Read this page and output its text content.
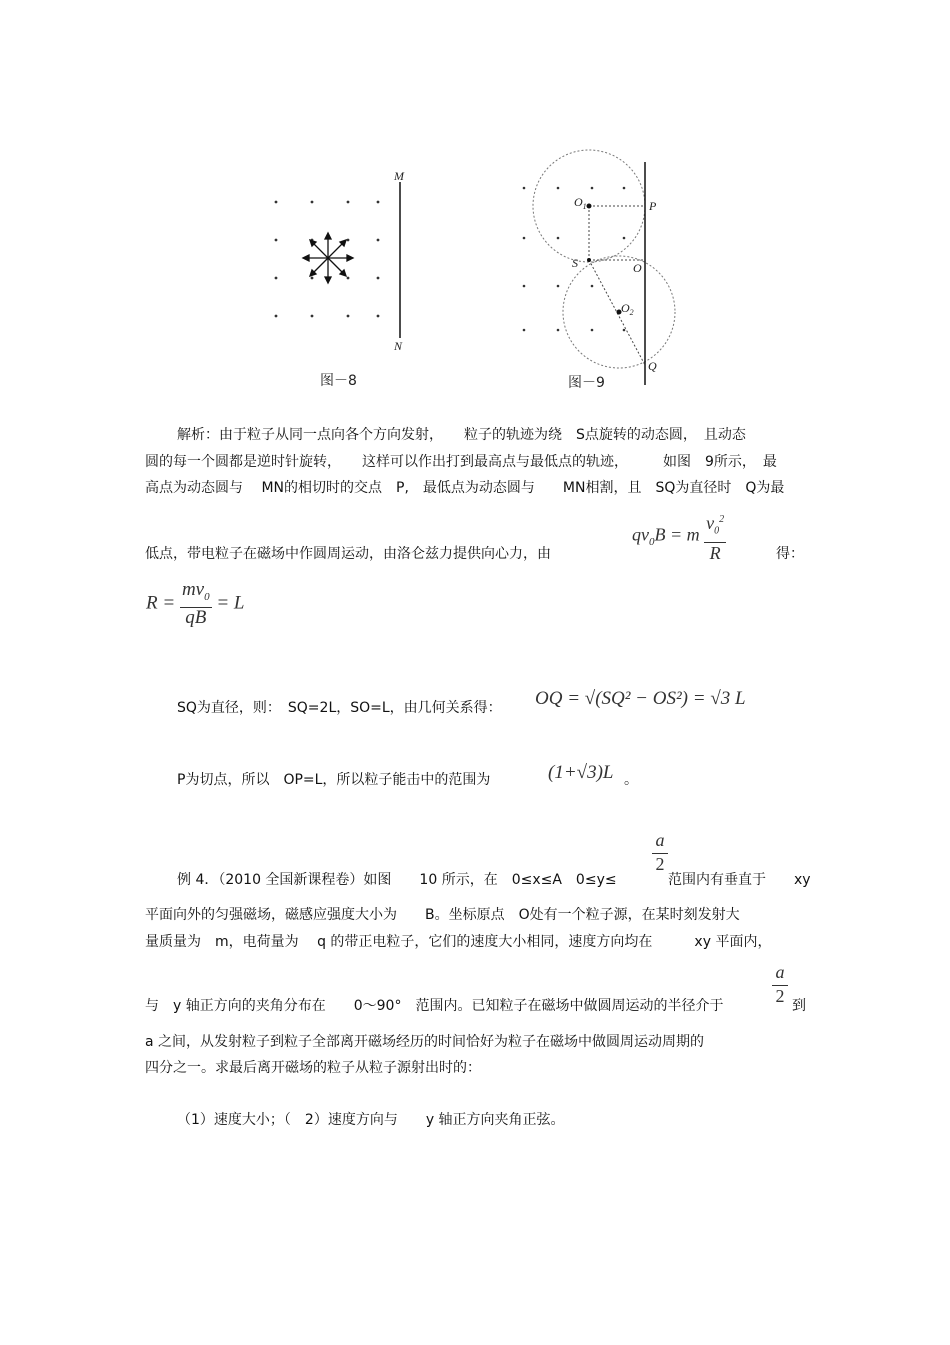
M
N
图－8
$O_1$	P
S	O
$O_2$
Q
图－9
解析：由于粒子从同一点向各个方向发射，　　粒子的轨迹为绕　S点旋转的动态圆，　且动态
圆的每一个圆都是逆时针旋转，　　这样可以作出打到最高点与最低点的轨迹，　　　如图　9所示，　最
高点为动态圆与　 MN的相切时的交点　P,　最低点为动态圆与　　MN相割，且　SQ为直径时　Q为最
低点，带电粒子在磁场中作圆周运动，由洛仑兹力提供向心力，由
$qv_0B = m \frac{v_0^2}{R}$	得：
$R = \frac{mv_0}{qB} = L$
SQ为直径，则：　SQ=2L，SO=L，由几何关系得： OQ = √(SQ² − OS²) = √3 L
P为切点，所以　OP=L，所以粒子能击中的范围为	(1+√3)L 。
a
2
例 4．（2010 全国新课程卷）如图　　10 所示，在　0≤x≤A　0≤y≤	范围内有垂直于　　xy
平面向外的匀强磁场，磁感应强度大小为　　B。坐标原点　O处有一个粒子源，在某时刻发射大
量质量为　m，电荷量为　 q 的带正电粒子，它们的速度大小相同，速度方向均在　　　xy 平面内，
a
2
与　y 轴正方向的夹角分布在　　0～90°　范围内。已知粒子在磁场中做圆周运动的半径介于	到
a 之间，从发射粒子到粒子全部离开磁场经历的时间恰好为粒子在磁场中做圆周运动周期的
四分之一。求最后离开磁场的粒子从粒子源射出时的：
（1）速度大小；（　2）速度方向与　　y 轴正方向夹角正弦。
